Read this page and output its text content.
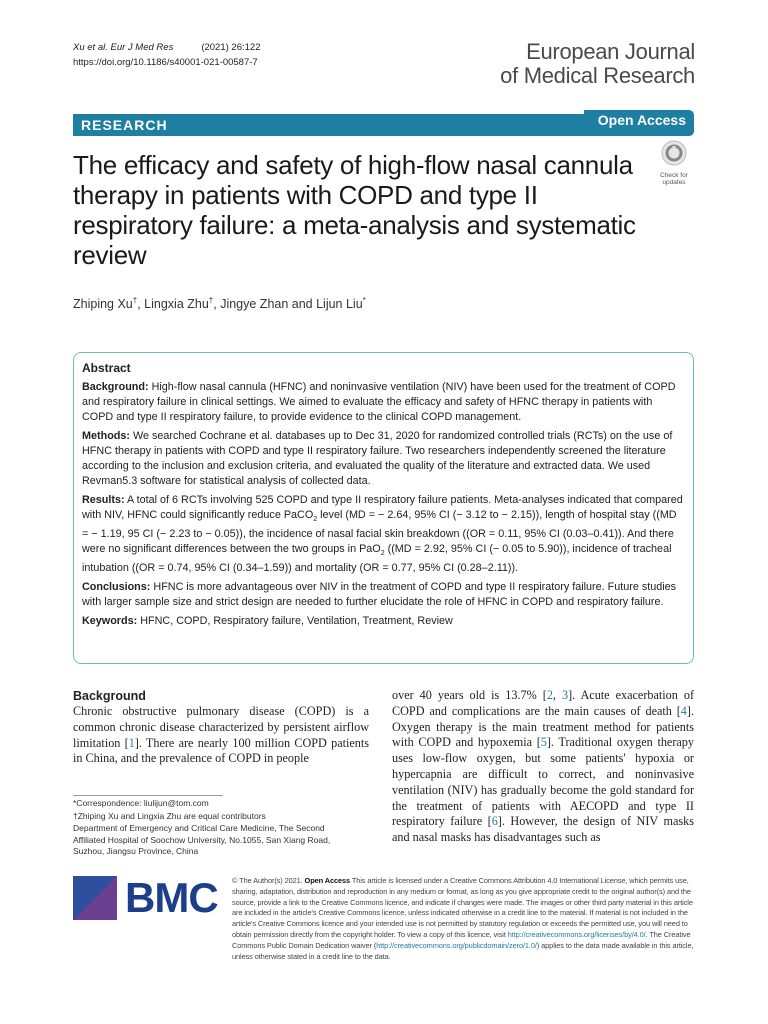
Xu et al. Eur J Med Res	(2021) 26:122
https://doi.org/10.1186/s40001-021-00587-7	European Journal
of Medical Research
RESEARCH	Open Access
Check for
updates
The efficacy and safety of high-flow nasal cannula therapy in patients with COPD and type II respiratory failure: a meta-analysis and systematic review
Zhiping Xu†, Lingxia Zhu†, Jingye Zhan and Lijun Liu*
Abstract

Background: High-flow nasal cannula (HFNC) and noninvasive ventilation (NIV) have been used for the treatment of COPD and respiratory failure in clinical settings. We aimed to evaluate the efficacy and safety of HFNC therapy in patients with COPD and type II respiratory failure, to provide evidence to the clinical COPD management.

Methods: We searched Cochrane et al. databases up to Dec 31, 2020 for randomized controlled trials (RCTs) on the use of HFNC therapy in patients with COPD and type II respiratory failure. Two researchers independently screened the literature according to the inclusion and exclusion criteria, and evaluated the quality of the literature and extracted data. We used Revman5.3 software for statistical analysis of collected data.

Results: A total of 6 RCTs involving 525 COPD and type II respiratory failure patients. Meta-analyses indicated that compared with NIV, HFNC could significantly reduce PaCO$_2$ level (MD = − 2.64, 95% CI (− 3.12 to − 2.15)), length of hospital stay ((MD = − 1.19, 95 CI (− 2.23 to − 0.05)), the incidence of nasal facial skin breakdown ((OR = 0.11, 95% CI (0.03–0.41)). And there were no significant differences between the two groups in PaO$_2$ ((MD = 2.92, 95% CI (− 0.05 to 5.90)), incidence of tracheal intubation ((OR = 0.74, 95% CI (0.34–1.59)) and mortality (OR = 0.77, 95% CI (0.28–2.11)).

Conclusions: HFNC is more advantageous over NIV in the treatment of COPD and type II respiratory failure. Future studies with larger sample size and strict design are needed to further elucidate the role of HFNC in COPD and respiratory failure.

Keywords: HFNC, COPD, Respiratory failure, Ventilation, Treatment, Review

Background

Chronic obstructive pulmonary disease (COPD) is a common chronic disease characterized by persistent airflow limitation [1]. There are nearly 100 million COPD patients in China, and the prevalence of COPD in people

over 40 years old is 13.7% [2, 3]. Acute exacerbation of COPD and complications are the main causes of death [4]. Oxygen therapy is the main treatment method for patients with COPD and hypoxemia [5]. Traditional oxygen therapy uses low-flow oxygen, but some patients' hypoxia or hypercapnia are difficult to correct, and noninvasive ventilation (NIV) has gradually become the gold standard for the treatment of patients with AECOPD and type II respiratory failure [6]. However, the design of NIV masks and nasal masks has disadvantages such as

*Correspondence: liulijun@tom.com

†Zhiping Xu and Lingxia Zhu are equal contributors

Department of Emergency and Critical Care Medicine, The Second Affiliated Hospital of Soochow University, No.1055, San Xiang Road, Suzhou, Jiangsu Province, China

BMC © The Author(s) 2021. Open Access This article is licensed under a Creative Commons Attribution 4.0 International License, which permits use, sharing, adaptation, distribution and reproduction in any medium or format, as long as you give appropriate credit to the original author(s) and the source, provide a link to the Creative Commons licence, and indicate if changes were made. The images or other third party material in this article are included in the article's Creative Commons licence, unless indicated otherwise in a credit line to the material. If material is not included in the article's Creative Commons licence and your intended use is not permitted by statutory regulation or exceeds the permitted use, you will need to obtain permission directly from the copyright holder. To view a copy of this licence, visit http://creativecommons.org/licenses/by/4.0/. The Creative Commons Public Domain Dedication waiver (http://creativecommons.org/publicdomain/zero/1.0/) applies to the data made available in this article, unless otherwise stated in a credit line to the data.
